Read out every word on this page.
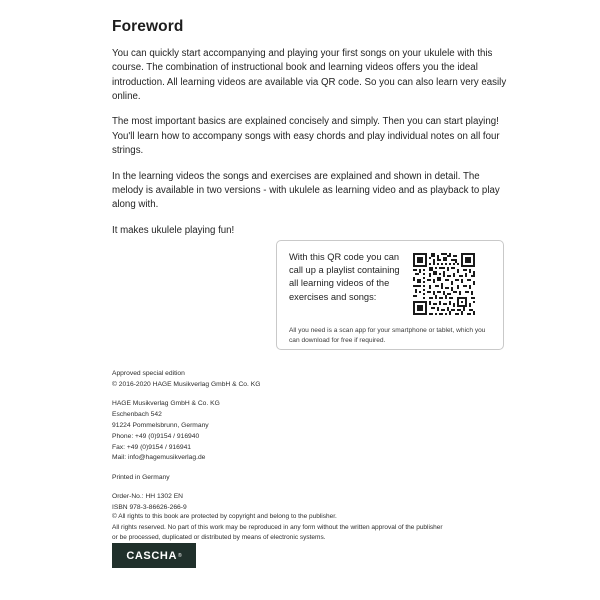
Foreword

You can quickly start accompanying and playing your first songs on your ukulele with this course. The combination of instructional book and learning videos offers you the ideal introduction. All learning videos are available via QR code. So you can also learn very easily online.

The most important basics are explained concisely and simply. Then you can start playing! You'll learn how to accompany songs with easy chords and play individual notes on all four strings.

In the learning videos the songs and exercises are explained and shown in detail. The melody is available in two versions - with ukulele as learning video and as playback to play along with.

It makes ukulele playing fun!

With this QR code you can call up a playlist containing all learning videos of the exercises and songs:
All you need is a scan app for your smartphone or tablet, which you can download for free if required.
Approved special edition
© 2016-2020 HAGE Musikverlag GmbH & Co. KG
HAGE Musikverlag GmbH & Co. KG
Eschenbach 542
91224 Pommelsbrunn, Germany
Phone: +49 (0)9154 / 916940
Fax: +49 (0)9154 / 916941
Mail: info@hagemusikverlag.de
Printed in Germany
Order-No.: HH 1302 EN
ISBN 978-3-86626-266-9
© All rights to this book are protected by copyright and belong to the publisher.
All rights reserved. No part of this work may be reproduced in any form without the written approval of the publisher
or be processed, duplicated or distributed by means of electronic systems.
CASCHA ®
